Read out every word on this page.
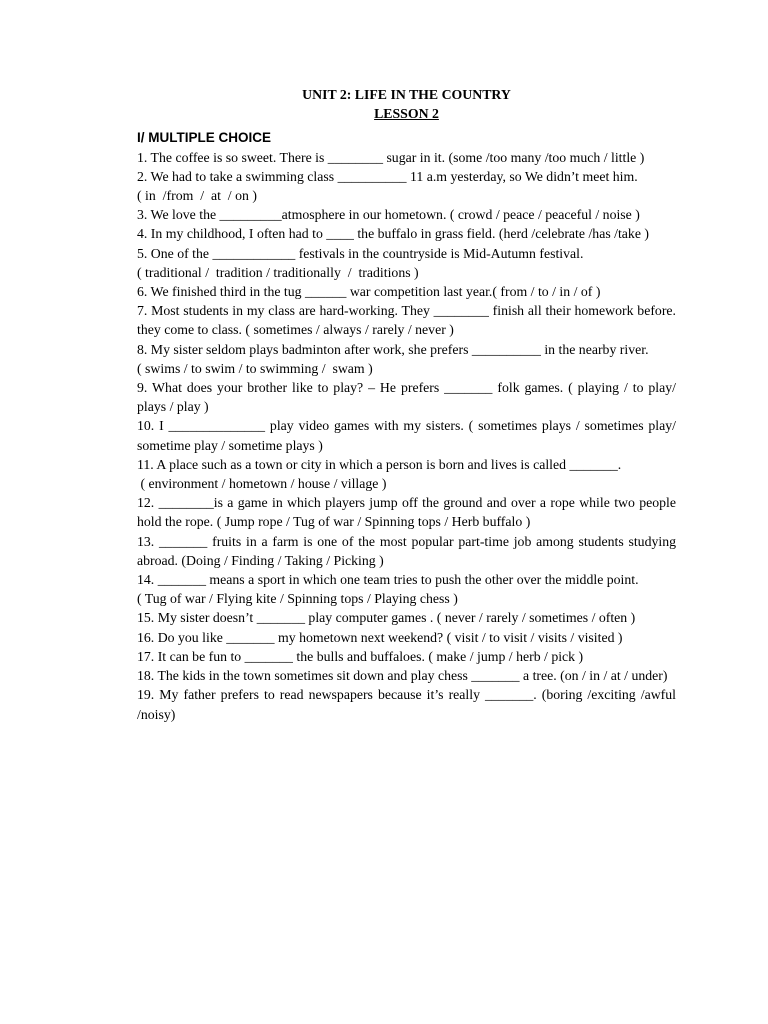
UNIT 2: LIFE IN THE COUNTRY

LESSON 2

I/ MULTIPLE CHOICE

1. The coffee is so sweet. There is ________ sugar in it. (some /too many /too much / little )

2. We had to take a swimming class __________ 11 a.m yesterday, so We didn’t meet him.

( in  /from  /  at  / on )

3. We love the _________atmosphere in our hometown. ( crowd / peace / peaceful / noise )

4. In my childhood, I often had to ____ the buffalo in grass field. (herd /celebrate /has /take )

5. One of the ____________ festivals in the countryside is Mid-Autumn festival.

( traditional /  tradition / traditionally  /  traditions )

6. We finished third in the tug ______ war competition last year.( from / to / in / of )

7. Most students in my class are hard-working. They ________ finish all their homework before. they come to class. ( sometimes / always / rarely / never )

8. My sister seldom plays badminton after work, she prefers __________ in the nearby river.

( swims / to swim / to swimming /  swam )

9. What does your brother like to play? – He prefers _______ folk games. ( playing / to play/ plays / play )

10. I ______________ play video games with my sisters. ( sometimes plays / sometimes play/ sometime play / sometime plays )

11. A place such as a town or city in which a person is born and lives is called _______.

( environment / hometown / house / village )

12. ________is a game in which players jump off the ground and over a rope while two people hold the rope. ( Jump rope / Tug of war / Spinning tops / Herb buffalo )

13. _______ fruits in a farm is one of the most popular part-time job among students studying abroad. (Doing / Finding / Taking / Picking )

14. _______ means a sport in which one team tries to push the other over the middle point.

( Tug of war / Flying kite / Spinning tops / Playing chess )

15. My sister doesn’t _______ play computer games . ( never / rarely / sometimes / often )

16. Do you like _______ my hometown next weekend? ( visit / to visit / visits / visited )

17. It can be fun to _______ the bulls and buffaloes. ( make / jump / herb / pick )

18. The kids in the town sometimes sit down and play chess _______ a tree. (on / in / at / under)

19. My father prefers to read newspapers because it’s really _______. (boring /exciting /awful /noisy)
